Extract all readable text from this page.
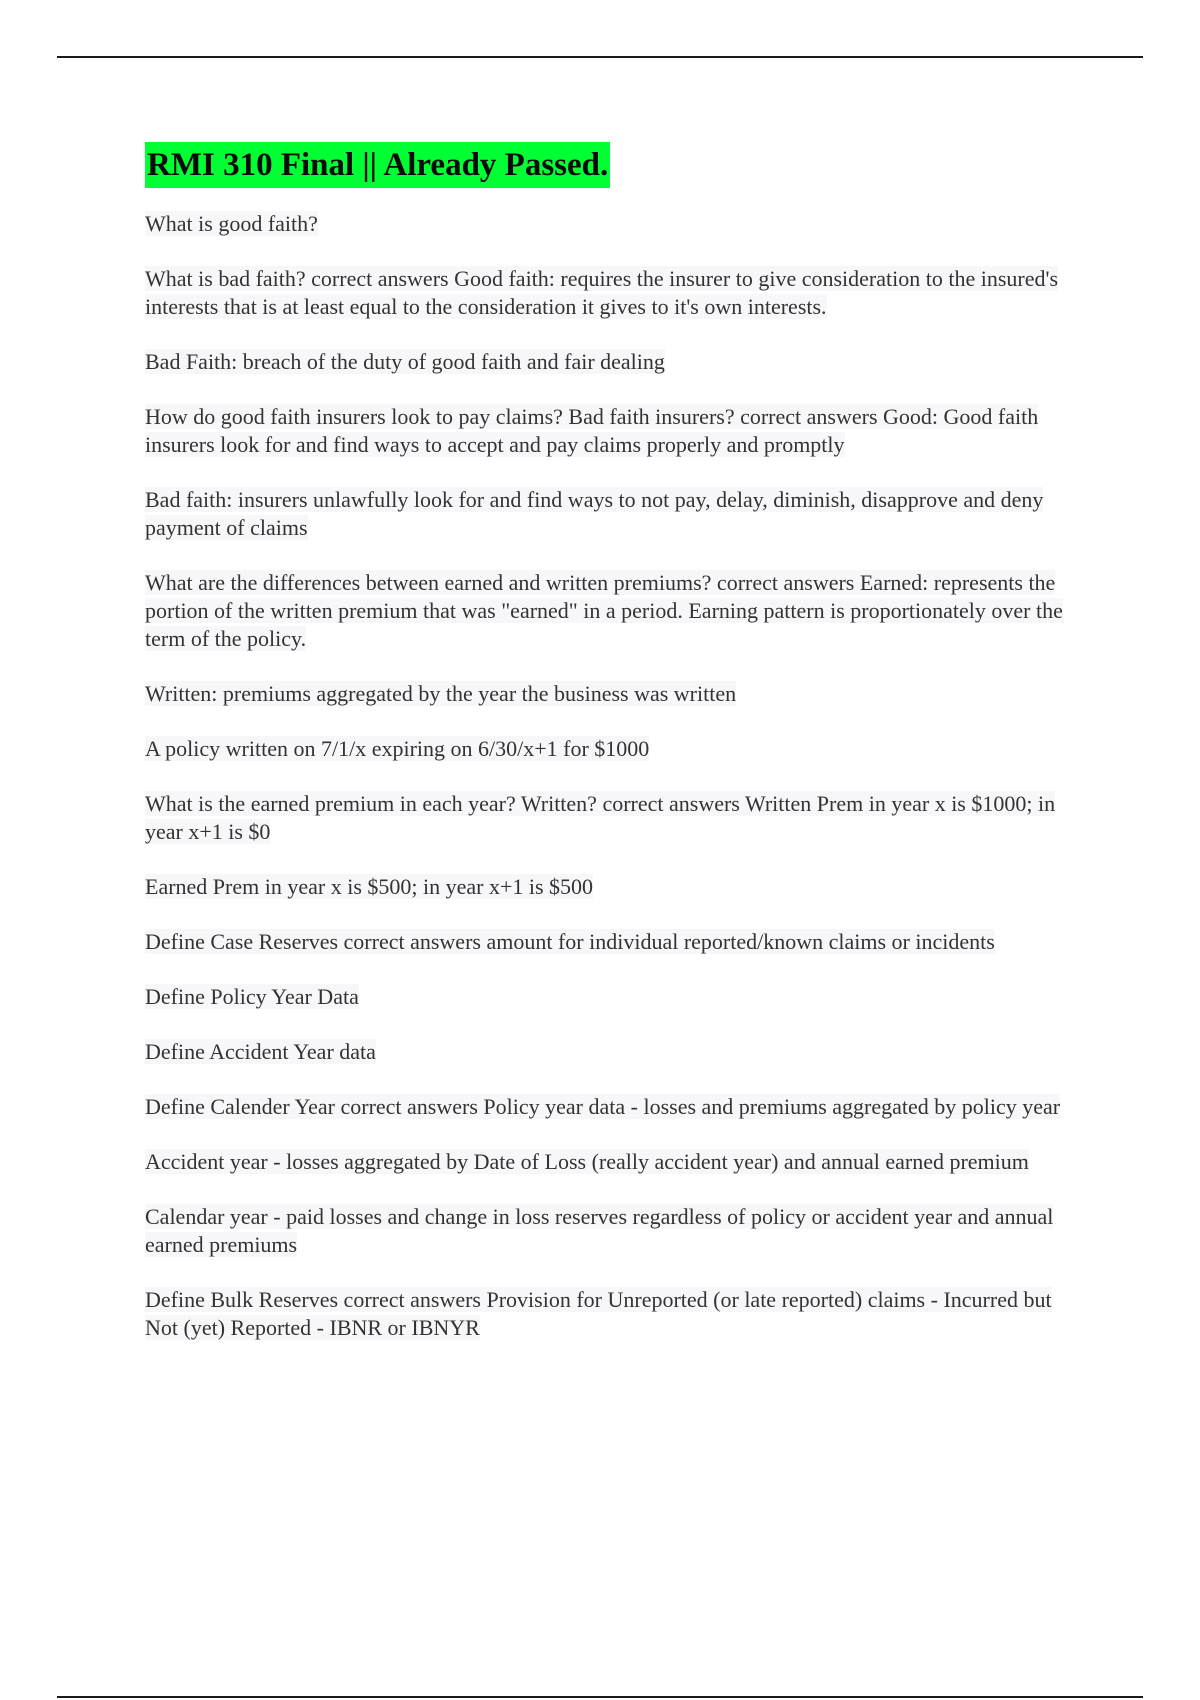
RMI 310 Final || Already Passed.

What is good faith?

What is bad faith? correct answers Good faith: requires the insurer to give consideration to the insured's interests that is at least equal to the consideration it gives to it's own interests.

Bad Faith: breach of the duty of good faith and fair dealing

How do good faith insurers look to pay claims? Bad faith insurers? correct answers Good: Good faith insurers look for and find ways to accept and pay claims properly and promptly

Bad faith: insurers unlawfully look for and find ways to not pay, delay, diminish, disapprove and deny payment of claims

What are the differences between earned and written premiums? correct answers Earned: represents the portion of the written premium that was "earned" in a period. Earning pattern is proportionately over the term of the policy.

Written: premiums aggregated by the year the business was written

A policy written on 7/1/x expiring on 6/30/x+1 for $1000

What is the earned premium in each year? Written? correct answers Written Prem in year x is $1000; in year x+1 is $0

Earned Prem in year x is $500; in year x+1 is $500

Define Case Reserves correct answers amount for individual reported/known claims or incidents

Define Policy Year Data

Define Accident Year data

Define Calender Year correct answers Policy year data - losses and premiums aggregated by policy year

Accident year - losses aggregated by Date of Loss (really accident year) and annual earned premium

Calendar year - paid losses and change in loss reserves regardless of policy or accident year and annual earned premiums

Define Bulk Reserves correct answers Provision for Unreported (or late reported) claims - Incurred but Not (yet) Reported - IBNR or IBNYR
